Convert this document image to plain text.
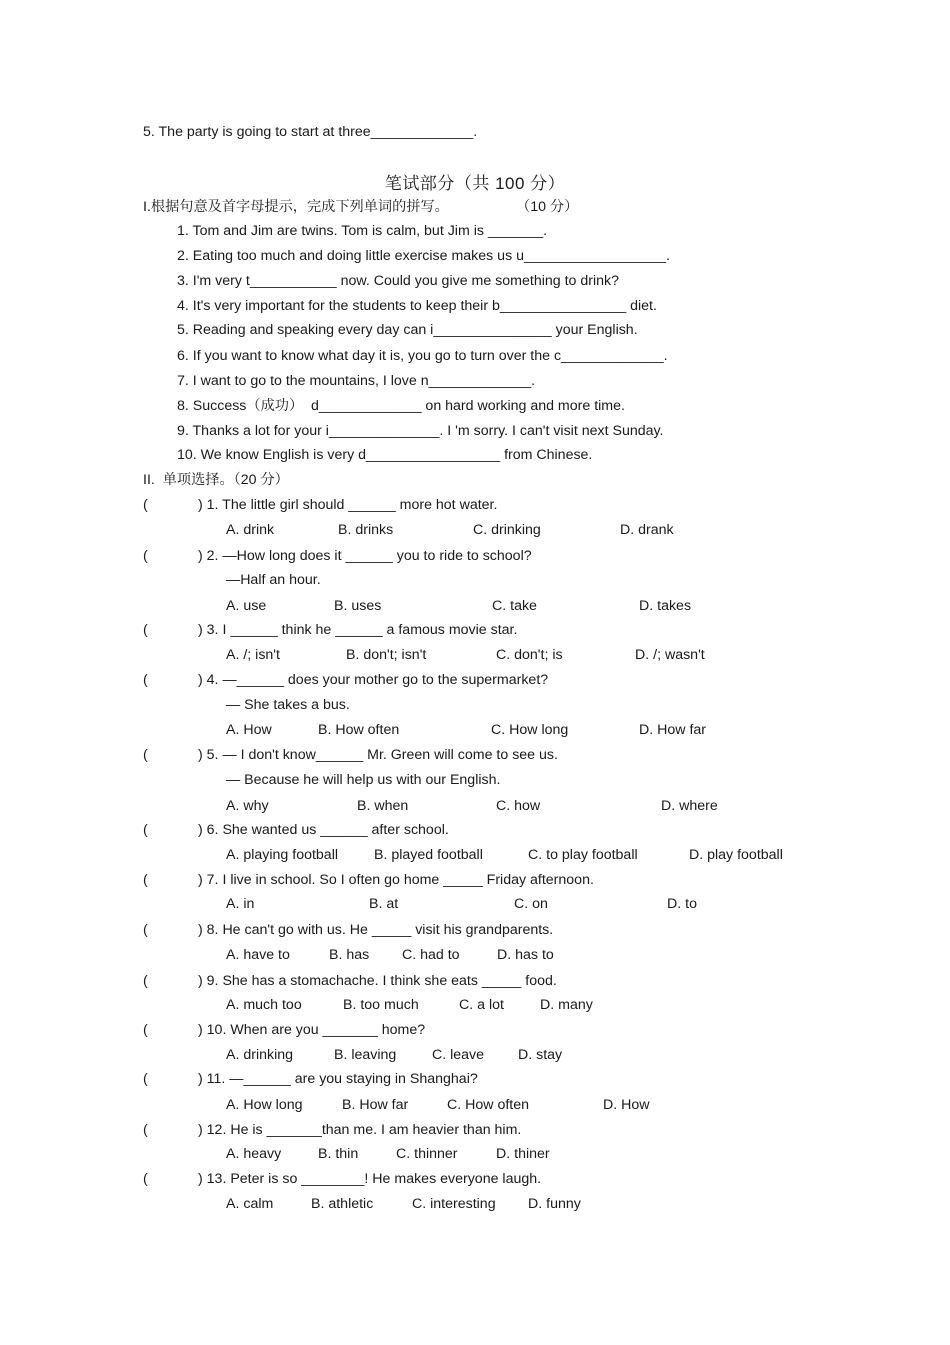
5. The party is going to start at three_____________.
笔试部分（共 100 分）
I.根据句意及首字母提示，完成下列单词的拼写。	（10 分）
1. Tom and Jim are twins. Tom is calm, but Jim is _______.
2. Eating too much and doing little exercise makes us u__________________.
3. I'm very t___________ now. Could you give me something to drink?
4. It's very important for the students to keep their b________________ diet.
5. Reading and speaking every day can i_______________ your English.
6. If you want to know what day it is, you go to turn over the c_____________.
7. I want to go to the mountains, I love n_____________.
8. Success（成功）  d_____________ on hard working and more time.
9. Thanks a lot for your i______________. I 'm sorry. I can't visit next Sunday.
10. We know English is very d_________________ from Chinese.
II.  单项选择。（20 分）
(	) 1. The little girl should ______ more hot water.
A. drink	B. drinks	C. drinking	D. drank
(	) 2. —How long does it ______ you to ride to school?
—Half an hour.
A. use	B. uses	C. take	D. takes
(	) 3. I ______ think he ______ a famous movie star.
A. /; isn't	B. don't; isn't	C. don't; is	D. /; wasn't
(	) 4. —______ does your mother go to the supermarket?
— She takes a bus.
A. How	B. How often	C. How long	D. How far
(	) 5. — I don't know______ Mr. Green will come to see us.
— Because he will help us with our English.
A. why	B. when	C. how	D. where
(	) 6. She wanted us ______ after school.
A. playing football	B. played football	C. to play football	D. play football
(	) 7. I live in school. So I often go home _____ Friday afternoon.
A. in	B. at	C. on	D. to
(	) 8. He can't go with us. He _____ visit his grandparents.
A. have to	B. has C. had to	D. has to
(	) 9. She has a stomachache. I think she eats _____ food.
A. much too	B. too much	C. a lot	D. many
(	) 10. When are you _______ home?
A. drinking	B. leaving	C. leave D. stay
(	) 11. —______ are you staying in Shanghai?
A. How long	B. How far	C. How often	D. How
(	) 12. He is _______than me. I am heavier than him.
A. heavy	B. thin	C. thinner	D. thiner
(	) 13. Peter is so ________! He makes everyone laugh.
A. calm	B. athletic	C. interesting D. funny
